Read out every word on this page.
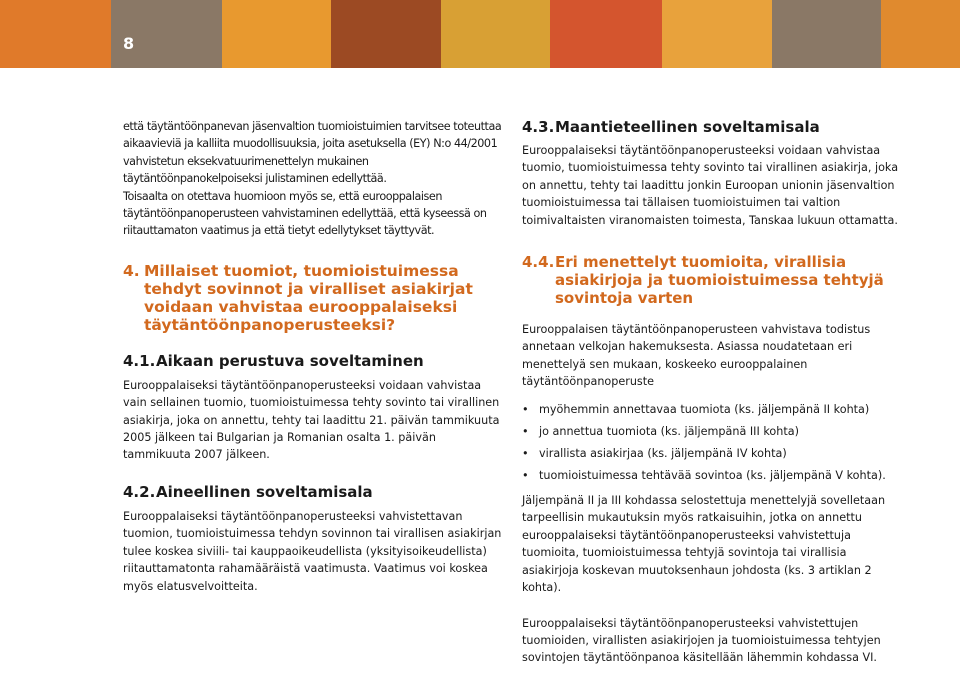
8

että täytäntöönpanevan jäsenvaltion tuomioistuimien tarvitsee toteuttaa aikaavieviä ja kalliita muodollisuuksia, joita asetuksella (EY) N:o 44/2001 vahvistetun eksekvatuurimenettelyn mukainen täytäntöönpanokelpoiseksi julistaminen edellyttää.

Toisaalta on otettava huomioon myös se, että eurooppalaisen täytäntöönpanoperusteen vahvistaminen edellyttää, että kyseessä on riitauttamaton vaatimus ja että tietyt edellytykset täyttyvät.

4. Millaiset tuomiot, tuomioistuimessa tehdyt sovinnot ja viralliset asiakirjat voidaan vahvistaa eurooppalaiseksi täytäntöönpanoperusteeksi?
4.1. Aikaan perustuva soveltaminen

Eurooppalaiseksi täytäntöönpanoperusteeksi voidaan vahvistaa vain sellainen tuomio, tuomioistuimessa tehty sovinto tai virallinen asiakirja, joka on annettu, tehty tai laadittu 21. päivän tammikuuta 2005 jälkeen tai Bulgarian ja Romanian osalta 1. päivän tammikuuta 2007 jälkeen.

4.2. Aineellinen soveltamisala

Eurooppalaiseksi täytäntöönpanoperusteeksi vahvistettavan tuomion, tuomioistuimessa tehdyn sovinnon tai virallisen asiakirjan tulee koskea siviili- tai kauppaoikeudellista (yksityisoikeudellista) riitauttamatonta rahamääräistä vaatimusta. Vaatimus voi koskea myös elatusvelvoitteita.

4.3. Maantieteellinen soveltamisala

Eurooppalaiseksi täytäntöönpanoperusteeksi voidaan vahvistaa tuomio, tuomioistuimessa tehty sovinto tai virallinen asiakirja, joka on annettu, tehty tai laadittu jonkin Euroopan unionin jäsenvaltion tuomioistuimessa tai tällaisen tuomioistuimen tai valtion toimivaltaisten viranomaisten toimesta, Tanskaa lukuun ottamatta.

4.4. Eri menettelyt tuomioita, virallisia asiakirjoja ja tuomioistuimessa tehtyjä sovintoja varten

Eurooppalaisen täytäntöönpanoperusteen vahvistava todistus annetaan velkojan hakemuksesta. Asiassa noudatetaan eri menettelyä sen mukaan, koskeeko eurooppalainen täytäntöönpanoperuste

• myöhemmin annettavaa tuomiota (ks. jäljempänä II kohta)
• jo annettua tuomiota (ks. jäljempänä III kohta)
• virallista asiakirjaa (ks. jäljempänä IV kohta)
• tuomioistuimessa tehtävää sovintoa (ks. jäljempänä V kohta).

Jäljempänä II ja III kohdassa selostettuja menettelyjä sovelletaan tarpeellisin mukautuksin myös ratkaisuihin, jotka on annettu eurooppalaiseksi täytäntöönpanoperusteeksi vahvistettuja tuomioita, tuomioistuimessa tehtyjä sovintoja tai virallisia asiakirjoja koskevan muutoksenhaun johdosta (ks. 3 artiklan 2 kohta).

Eurooppalaiseksi täytäntöönpanoperusteeksi vahvistettujen tuomioiden, virallisten asiakirjojen ja tuomioistuimessa tehtyjen sovintojen täytäntöönpanoa käsitellään lähemmin kohdassa VI.
